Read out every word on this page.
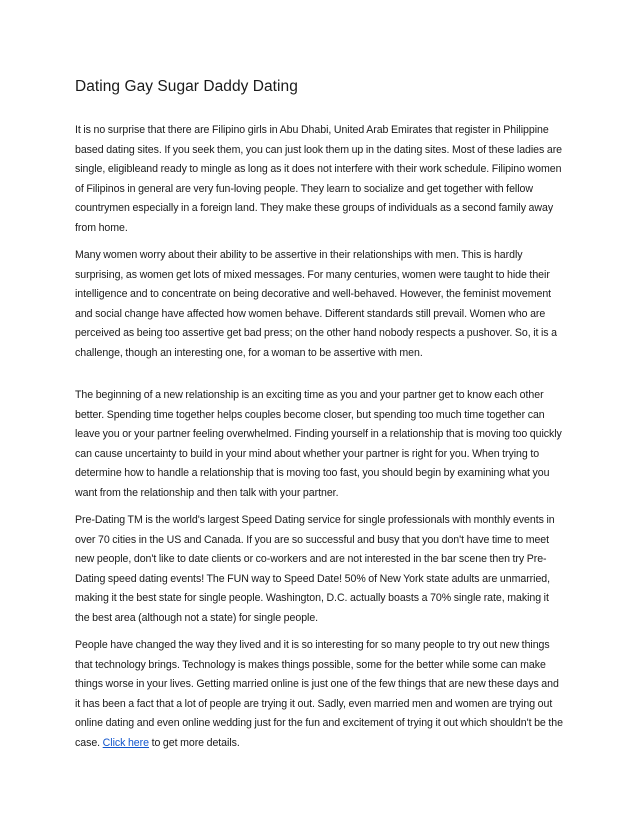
Dating Gay Sugar Daddy Dating

It is no surprise that there are Filipino girls in Abu Dhabi, United Arab Emirates that register in Philippine based dating sites. If you seek them, you can just look them up in the dating sites. Most of these ladies are single, eligibleand ready to mingle as long as it does not interfere with their work schedule. Filipino women of Filipinos in general are very fun-loving people. They learn to socialize and get together with fellow countrymen especially in a foreign land. They make these groups of individuals as a second family away from home.

Many women worry about their ability to be assertive in their relationships with men. This is hardly surprising, as women get lots of mixed messages. For many centuries, women were taught to hide their intelligence and to concentrate on being decorative and well-behaved. However, the feminist movement and social change have affected how women behave. Different standards still prevail. Women who are perceived as being too assertive get bad press; on the other hand nobody respects a pushover. So, it is a challenge, though an interesting one, for a woman to be assertive with men.

The beginning of a new relationship is an exciting time as you and your partner get to know each other better. Spending time together helps couples become closer, but spending too much time together can leave you or your partner feeling overwhelmed. Finding yourself in a relationship that is moving too quickly can cause uncertainty to build in your mind about whether your partner is right for you. When trying to determine how to handle a relationship that is moving too fast, you should begin by examining what you want from the relationship and then talk with your partner.

Pre-Dating TM is the world's largest Speed Dating service for single professionals with monthly events in over 70 cities in the US and Canada. If you are so successful and busy that you don't have time to meet new people, don't like to date clients or co-workers and are not interested in the bar scene then try Pre-Dating speed dating events! The FUN way to Speed Date! 50% of New York state adults are unmarried, making it the best state for single people. Washington, D.C. actually boasts a 70% single rate, making it the best area (although not a state) for single people.

People have changed the way they lived and it is so interesting for so many people to try out new things that technology brings. Technology is makes things possible, some for the better while some can make things worse in your lives. Getting married online is just one of the few things that are new these days and it has been a fact that a lot of people are trying it out. Sadly, even married men and women are trying out online dating and even online wedding just for the fun and excitement of trying it out which shouldn't be the case. Click here to get more details.
